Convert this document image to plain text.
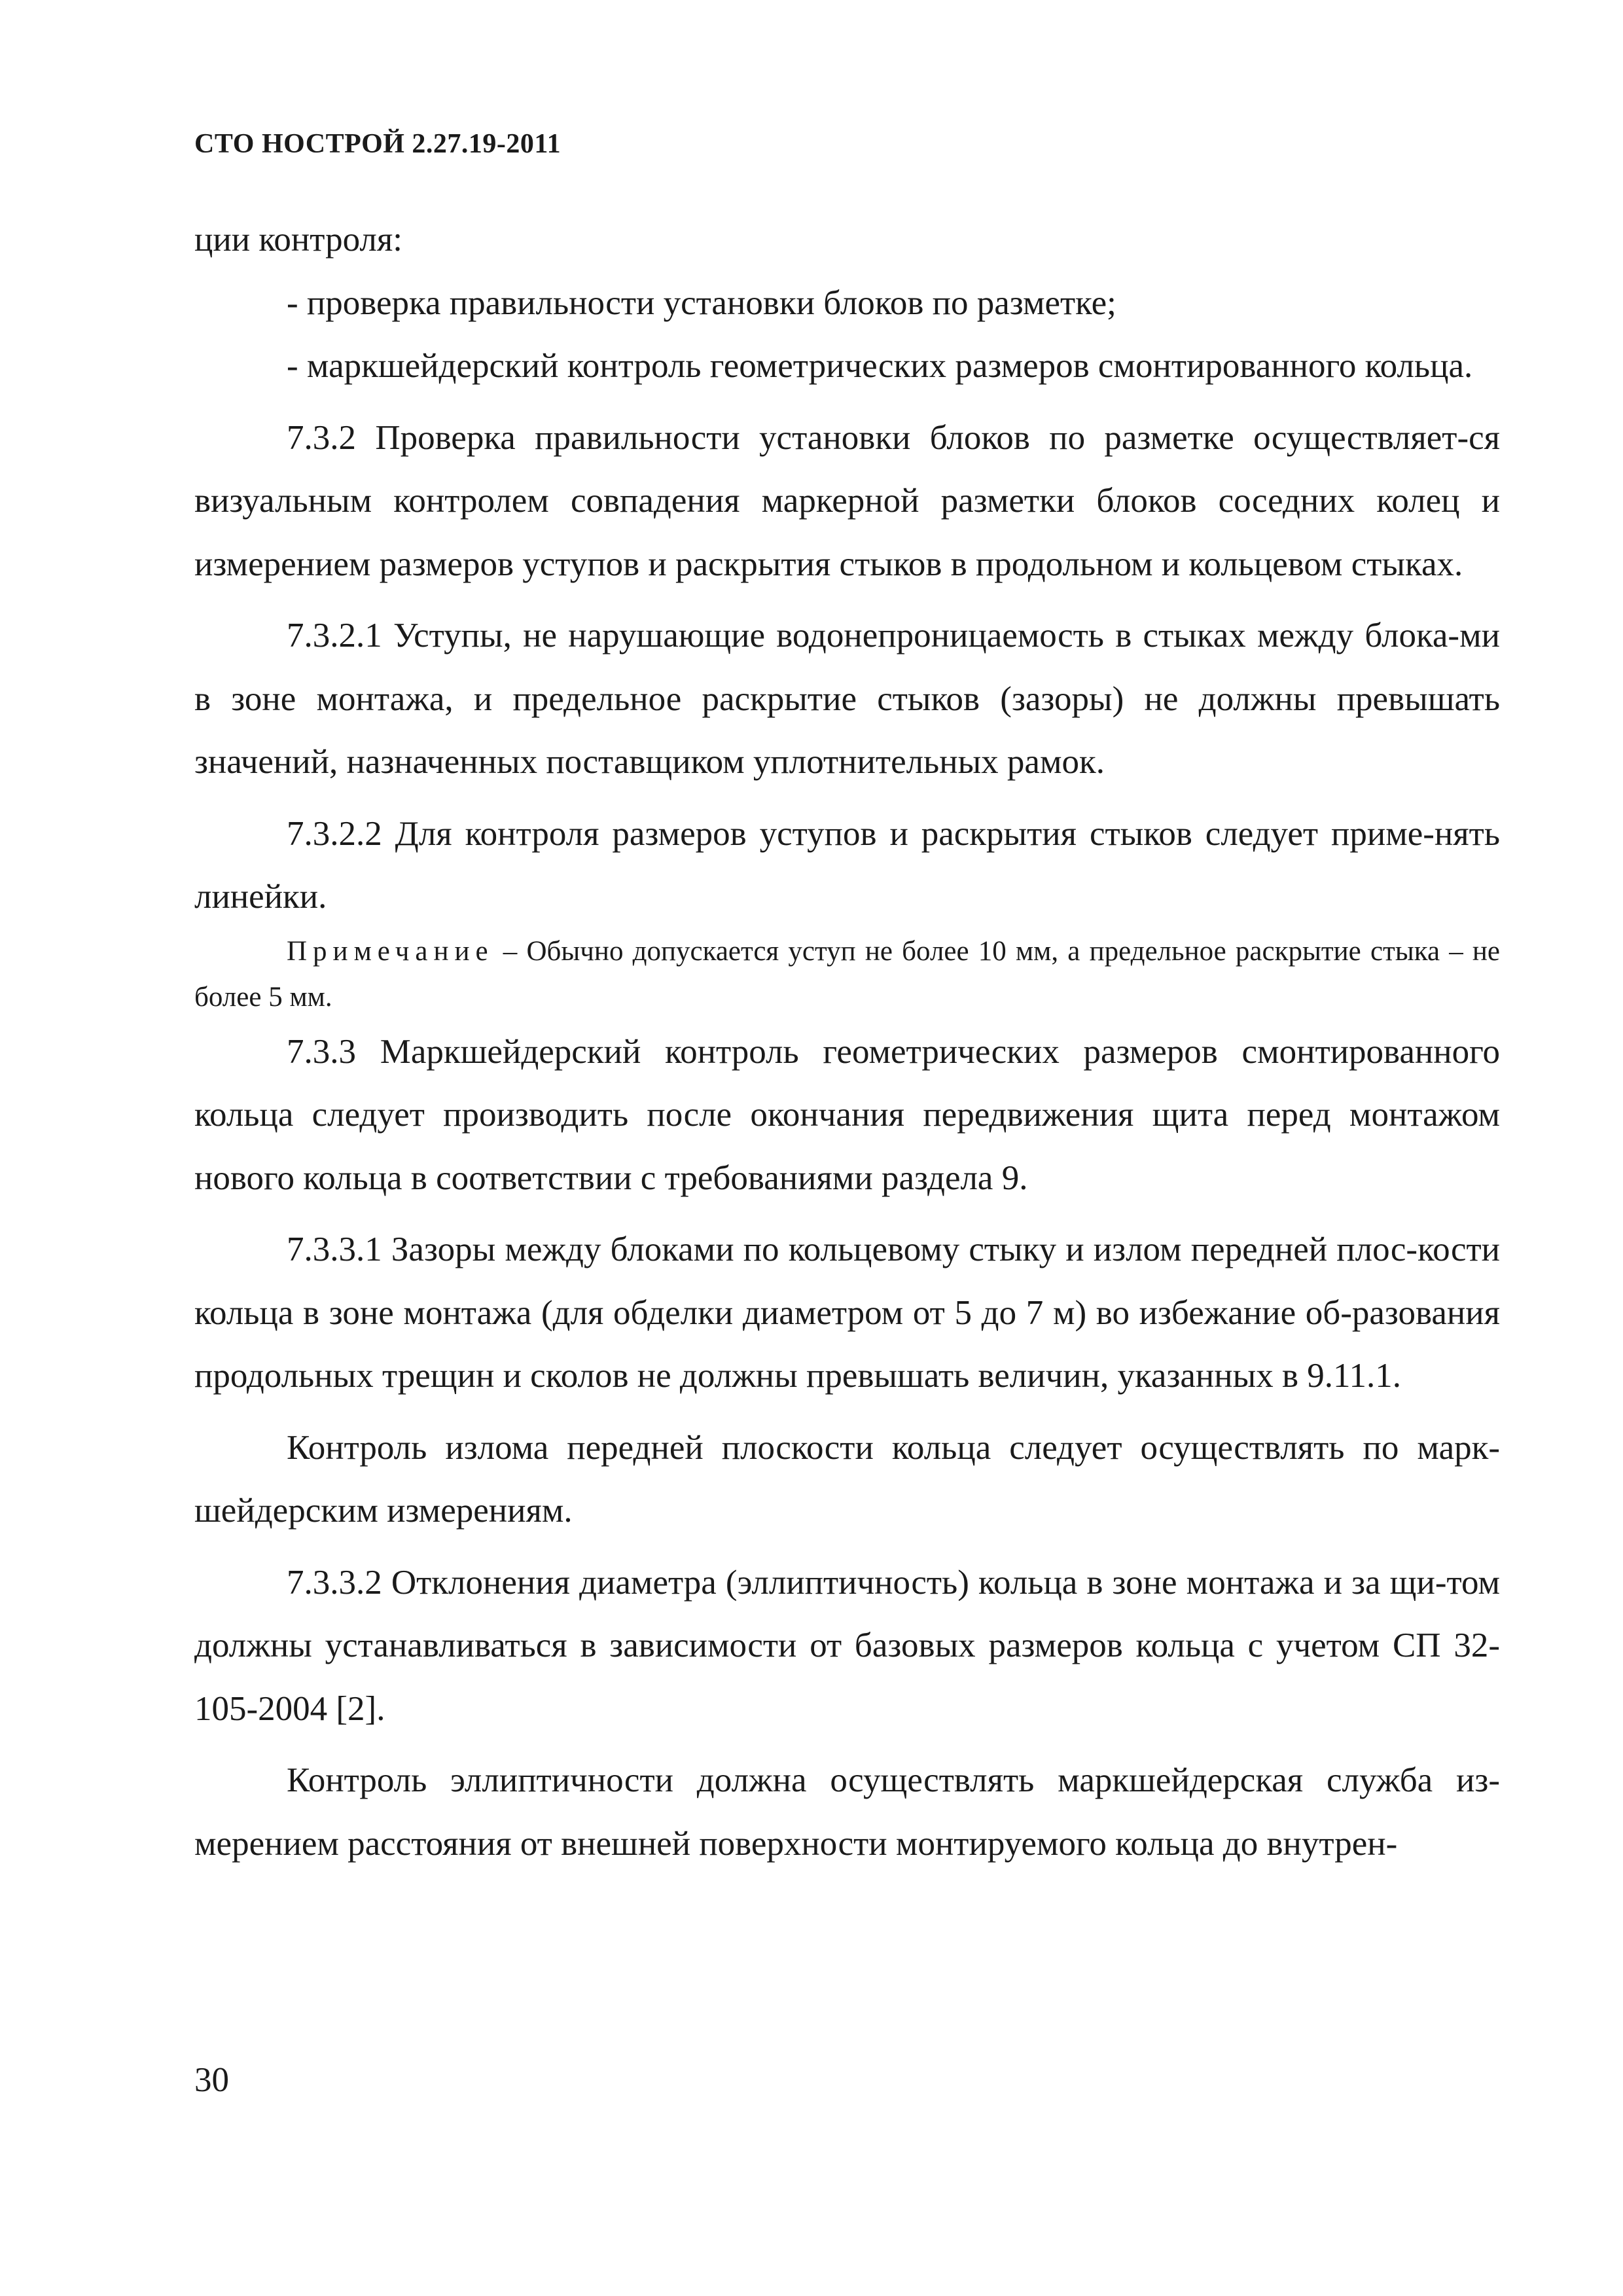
СТО НОСТРОЙ 2.27.19-2011

ции контроля:

- проверка правильности установки блоков по разметке;

- маркшейдерский контроль геометрических размеров смонтированного кольца.

7.3.2 Проверка правильности установки блоков по разметке осуществляет-ся визуальным контролем совпадения маркерной разметки блоков соседних колец и измерением размеров уступов и раскрытия стыков в продольном и кольцевом стыках.

7.3.2.1 Уступы, не нарушающие водонепроницаемость в стыках между блока-ми в зоне монтажа, и предельное раскрытие стыков (зазоры) не должны превышать значений, назначенных поставщиком уплотнительных рамок.

7.3.2.2 Для контроля размеров уступов и раскрытия стыков следует приме-нять линейки.

Примечание – Обычно допускается уступ не более 10 мм, а предельное раскрытие стыка – не более 5 мм.

7.3.3 Маркшейдерский контроль геометрических размеров смонтированного кольца следует производить после окончания передвижения щита перед монтажом нового кольца в соответствии с требованиями раздела 9.

7.3.3.1 Зазоры между блоками по кольцевому стыку и излом передней плос-кости кольца в зоне монтажа (для обделки диаметром от 5 до 7 м) во избежание об-разования продольных трещин и сколов не должны превышать величин, указанных в 9.11.1.

Контроль излома передней плоскости кольца следует осуществлять по марк-шейдерским измерениям.

7.3.3.2 Отклонения диаметра (эллиптичность) кольца в зоне монтажа и за щи-том должны устанавливаться в зависимости от базовых размеров кольца с учетом СП 32-105-2004 [2].

Контроль эллиптичности должна осуществлять маркшейдерская служба из-мерением расстояния от внешней поверхности монтируемого кольца до внутрен-

30
